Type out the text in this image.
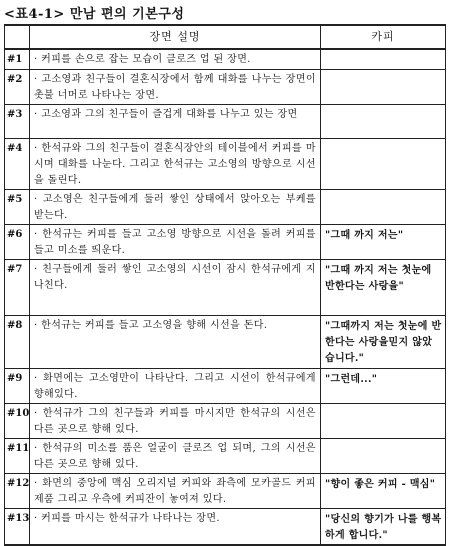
<표4-1> 만남 편의 기본구성
	장면 설명	카피
#1	· 커피를 손으로 잡는 모습이 클로즈 업 된 장면.	
#2	· 고소영과 친구들이 결혼식장에서 함께 대화를 나누는 장면이 촛불 너머로 나타나는 장면.	
#3	· 고소영과 그의 친구들이 즐겁게 대화를 나누고 있는 장면	
#4	· 한석규와 그의 친구들이 결혼식장안의 테이블에서 커피를 마시며 대화를 나눈다. 그리고 한석규는 고소영의 방향으로 시선을 돌린다.	
#5	· 고소영은 친구들에게 둘러 쌓인 상태에서 앉아오는 부케를 받는다.	
#6	· 한석규는 커피를 들고 고소영 방향으로 시선을 돌려 커피를 들고 미소를 띄운다.	"그때 까지 저는"
#7	· 친구들에게 둘러 쌓인 고소영의 시선이 잠시 한석규에게 지나친다.	"그때 까지 저는 첫눈에 반한다는 사랑을"
#8	· 한석규는 커피를 들고 고소영을 향해 시선을 돈다.	"그때까지 저는 첫눈에 반한다는 사랑을믿지 않았습니다."
#9	· 화면에는 고소영만이 나타난다. 그리고 시선이 한석규에게 향해있다.	"그런데..."
#10	· 한석규가 그의 친구들과 커피를 마시지만 한석규의 시선은 다른 곳으로 향해 있다.	
#11	· 한석규의 미소를 품은 얼굴이 클로즈 업 되며, 그의 시선은 다른 곳으로 향해 있다.	
#12	· 화면의 중앙에 맥심 오리지널 커피와 좌측에 모카골드 커피 제품 그리고 우측에 커피잔이 놓여져 있다.	"향이 좋은 커피 - 맥심"
#13	· 커피를 마시는 한석규가 나타나는 장면.	"당신의 향기가 나를 행복 하게 합니다."
